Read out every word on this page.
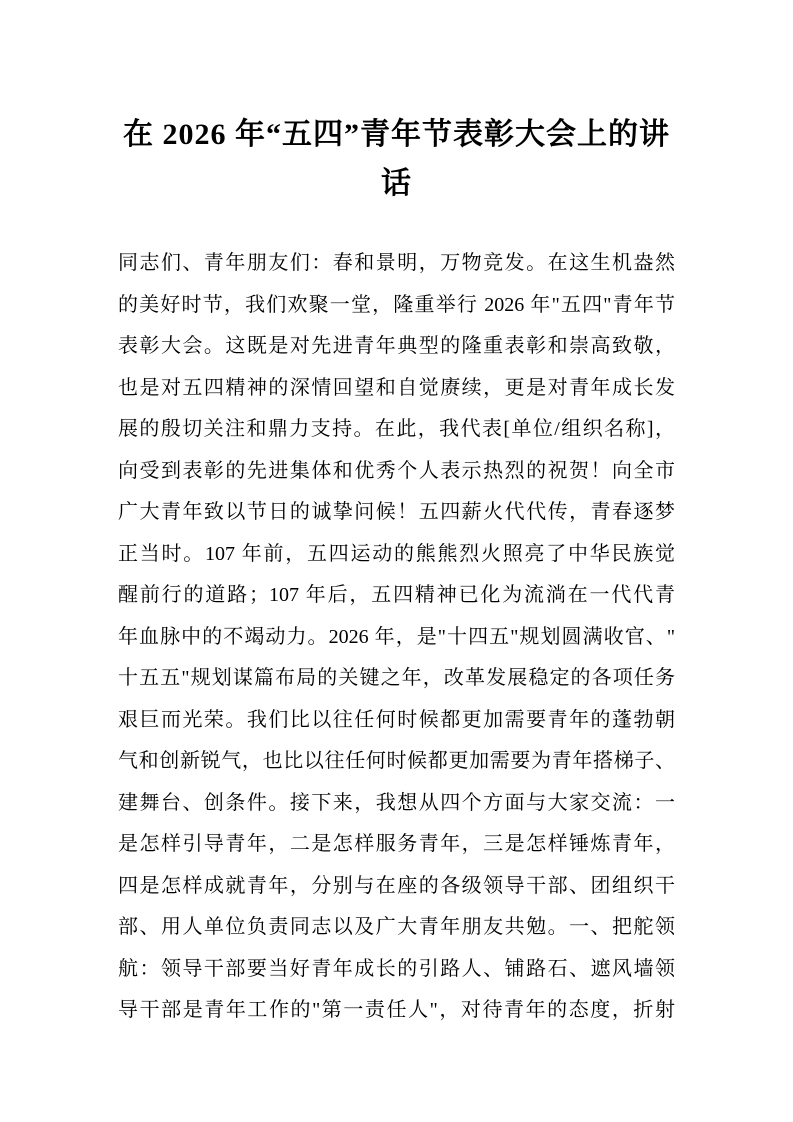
在 2026 年“五四”青年节表彰大会上的讲
话
同志们、青年朋友们：春和景明，万物竞发。在这生机盎然
的美好时节，我们欢聚一堂，隆重举行 2026 年"五四"青年节
表彰大会。这既是对先进青年典型的隆重表彰和崇高致敬，
也是对五四精神的深情回望和自觉赓续，更是对青年成长发
展的殷切关注和鼎力支持。在此，我代表[单位/组织名称]，
向受到表彰的先进集体和优秀个人表示热烈的祝贺！向全市
广大青年致以节日的诚挚问候！五四薪火代代传，青春逐梦
正当时。107 年前，五四运动的熊熊烈火照亮了中华民族觉
醒前行的道路；107 年后，五四精神已化为流淌在一代代青
年血脉中的不竭动力。2026 年，是"十四五"规划圆满收官、"
十五五"规划谋篇布局的关键之年，改革发展稳定的各项任务
艰巨而光荣。我们比以往任何时候都更加需要青年的蓬勃朝
气和创新锐气，也比以往任何时候都更加需要为青年搭梯子、
建舞台、创条件。接下来，我想从四个方面与大家交流：一
是怎样引导青年，二是怎样服务青年，三是怎样锤炼青年，
四是怎样成就青年，分别与在座的各级领导干部、团组织干
部、用人单位负责同志以及广大青年朋友共勉。一、把舵领
航：领导干部要当好青年成长的引路人、铺路石、遮风墙领
导干部是青年工作的"第一责任人"，对待青年的态度，折射
